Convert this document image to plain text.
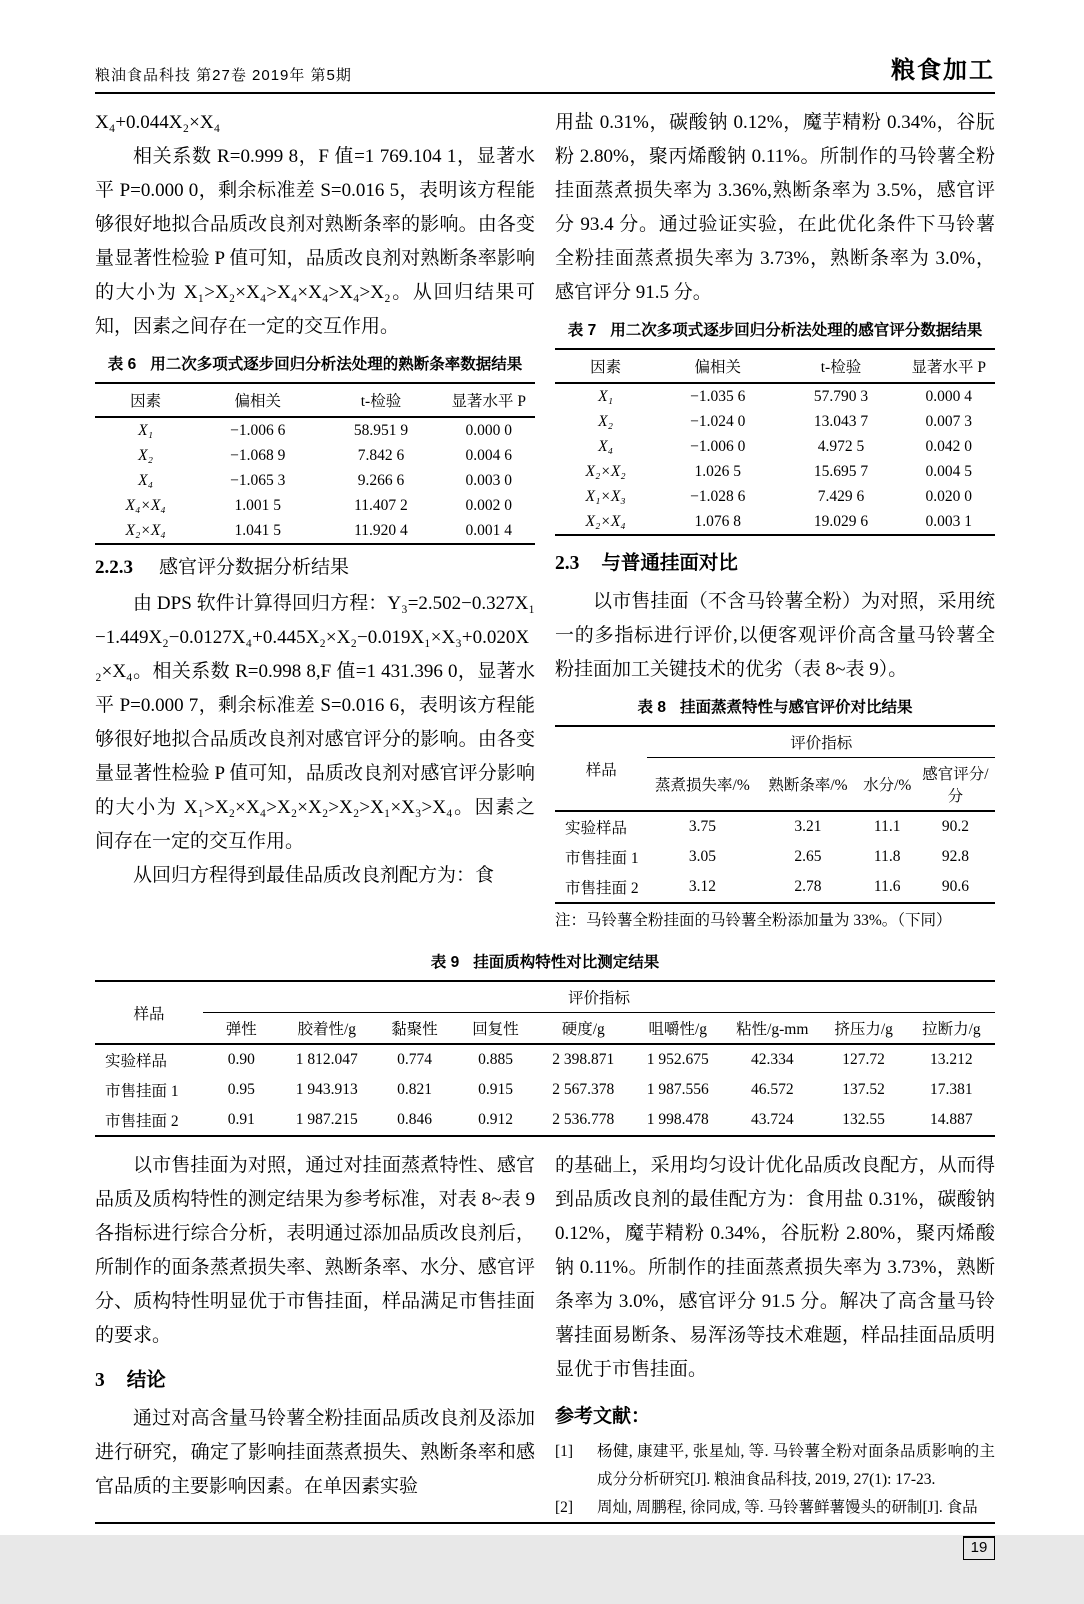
粮油食品科技 第27卷 2019年 第5期	粮食加工

X₄+0.044X₂×X₄

相关系数 R=0.999 8，F 值=1 769.104 1，显著水平 P=0.000 0，剩余标准差 S=0.016 5，表明该方程能够很好地拟合品质改良剂对熟断条率的影响。由各变量显著性检验 P 值可知，品质改良剂对熟断条率影响的大小为 X₁>X₂×X₄>X₄×X₄>X₄>X₂。从回归结果可知，因素之间存在一定的交互作用。

表 6 用二次多项式逐步回归分析法处理的熟断条率数据结果
因素	偏相关	t-检验	显著水平 P
X₁	−1.006 6	58.951 9	0.000 0
X₂	−1.068 9	7.842 6	0.004 6
X₄	−1.065 3	9.266 6	0.003 0
X₄×X₄	1.001 5	11.407 2	0.002 0
X₂×X₄	1.041 5	11.920 4	0.001 4
2.2.3 感官评分数据分析结果

由 DPS 软件计算得回归方程：Y₃=2.502−0.327X₁−1.449X₂−0.0127X₄+0.445X₂×X₂−0.019X₁×X₃+0.020X₂×X₄。相关系数 R=0.998 8,F 值=1 431.396 0，显著水平 P=0.000 7，剩余标准差 S=0.016 6，表明该方程能够很好地拟合品质改良剂对感官评分的影响。由各变量显著性检验 P 值可知，品质改良剂对感官评分影响的大小为 X₁>X₂×X₄>X₂×X₂>X₂>X₁×X₃>X₄。因素之间存在一定的交互作用。

从回归方程得到最佳品质改良剂配方为：食

用盐 0.31%，碳酸钠 0.12%，魔芋精粉 0.34%，谷朊粉 2.80%，聚丙烯酸钠 0.11%。所制作的马铃薯全粉挂面蒸煮损失率为 3.36%,熟断条率为 3.5%，感官评分 93.4 分。通过验证实验，在此优化条件下马铃薯全粉挂面蒸煮损失率为 3.73%，熟断条率为 3.0%，感官评分 91.5 分。

表 7 用二次多项式逐步回归分析法处理的感官评分数据结果
因素	偏相关	t-检验	显著水平 P
X₁	−1.035 6	57.790 3	0.000 4
X₂	−1.024 0	13.043 7	0.007 3
X₄	−1.006 0	4.972 5	0.042 0
X₂×X₂	1.026 5	15.695 7	0.004 5
X₁×X₃	−1.028 6	7.429 6	0.020 0
X₂×X₄	1.076 8	19.029 6	0.003 1
2.3 与普通挂面对比

以市售挂面（不含马铃薯全粉）为对照，采用统一的多指标进行评价,以便客观评价高含量马铃薯全粉挂面加工关键技术的优劣（表 8~表 9）。

表 8 挂面蒸煮特性与感官评价对比结果
样品	评价指标			
	蒸煮损失率/%	熟断条率/%	水分/%	感官评分/分
实验样品	3.75	3.21	11.1	90.2
市售挂面 1	3.05	2.65	11.8	92.8
市售挂面 2	3.12	2.78	11.6	90.6
注：马铃薯全粉挂面的马铃薯全粉添加量为 33%。（下同）
表 9 挂面质构特性对比测定结果
样品	评价指标								
	弹性	胶着性/g	黏聚性	回复性	硬度/g	咀嚼性/g	粘性/g-mm	挤压力/g	拉断力/g
实验样品	0.90	1 812.047	0.774	0.885	2 398.871	1 952.675	42.334	127.72	13.212
市售挂面 1	0.95	1 943.913	0.821	0.915	2 567.378	1 987.556	46.572	137.52	17.381
市售挂面 2	0.91	1 987.215	0.846	0.912	2 536.778	1 998.478	43.724	132.55	14.887

以市售挂面为对照，通过对挂面蒸煮特性、感官品质及质构特性的测定结果为参考标准，对表 8~表 9 各指标进行综合分析，表明通过添加品质改良剂后，所制作的面条蒸煮损失率、熟断条率、水分、感官评分、质构特性明显优于市售挂面，样品满足市售挂面的要求。

3 结论

通过对高含量马铃薯全粉挂面品质改良剂及添加进行研究，确定了影响挂面蒸煮损失、熟断条率和感官品质的主要影响因素。在单因素实验

的基础上，采用均匀设计优化品质改良配方，从而得到品质改良剂的最佳配方为：食用盐 0.31%，碳酸钠 0.12%，魔芋精粉 0.34%，谷朊粉 2.80%，聚丙烯酸钠 0.11%。所制作的挂面蒸煮损失率为 3.73%，熟断条率为 3.0%，感官评分 91.5 分。解决了高含量马铃薯挂面易断条、易浑汤等技术难题，样品挂面品质明显优于市售挂面。

参考文献：
[1]	杨健, 康建平, 张星灿, 等. 马铃薯全粉对面条品质影响的主成分分析研究[J]. 粮油食品科技, 2019, 27(1): 17-23.
[2]	周灿, 周鹏程, 徐同成, 等. 马铃薯鲜薯馒头的研制[J]. 食品
19
